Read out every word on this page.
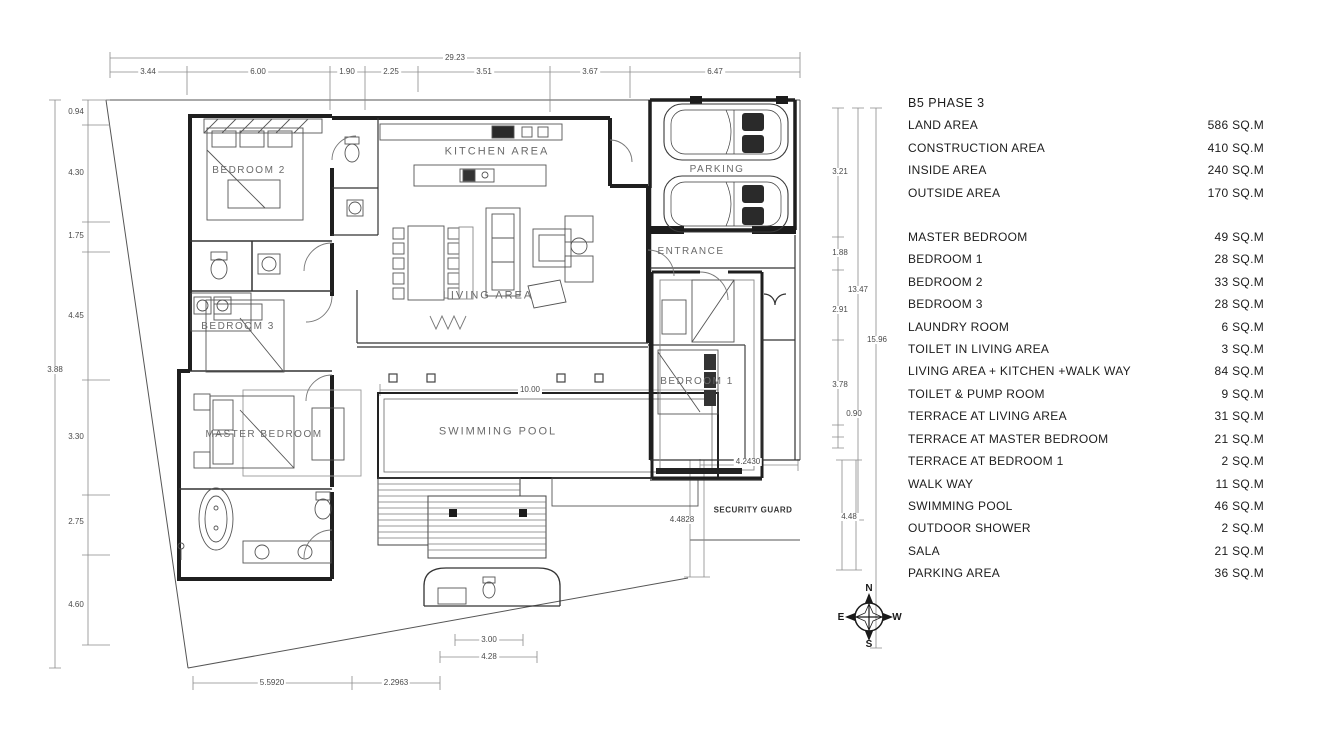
KITCHEN AREA
LIVING AREA
BEDROOM 2
BEDROOM 3
MASTER BEDROOM
BEDROOM 1
PARKING
ENTRANCE
SWIMMING POOL
SECURITY GUARD
N
E	W
S
29.23
3.44	6.00	1.90	2.25	3.51	3.67	6.47
3.88
0.94
4.30
1.75
4.45
3.30
2.75
4.60
3.21
1.88
2.91
3.78
0.90
13.47
15.96
4.48
10.00
4.2430
4.4828
3.00
4.28
5.5920	2.2963
B5 PHASE 3
LAND AREA	586 SQ.M
CONSTRUCTION AREA	410 SQ.M
INSIDE AREA	240 SQ.M
OUTSIDE AREA	170 SQ.M
MASTER BEDROOM	49 SQ.M
BEDROOM 1	28 SQ.M
BEDROOM 2	33 SQ.M
BEDROOM 3	28 SQ.M
LAUNDRY ROOM	6 SQ.M
TOILET IN LIVING AREA	3 SQ.M
LIVING AREA + KITCHEN +WALK WAY	84 SQ.M
TOILET & PUMP ROOM	9 SQ.M
TERRACE AT LIVING AREA	31 SQ.M
TERRACE AT MASTER BEDROOM	21 SQ.M
TERRACE AT BEDROOM 1	2 SQ.M
WALK WAY	11 SQ.M
SWIMMING POOL	46 SQ.M
OUTDOOR SHOWER	2 SQ.M
SALA	21 SQ.M
PARKING AREA	36 SQ.M
